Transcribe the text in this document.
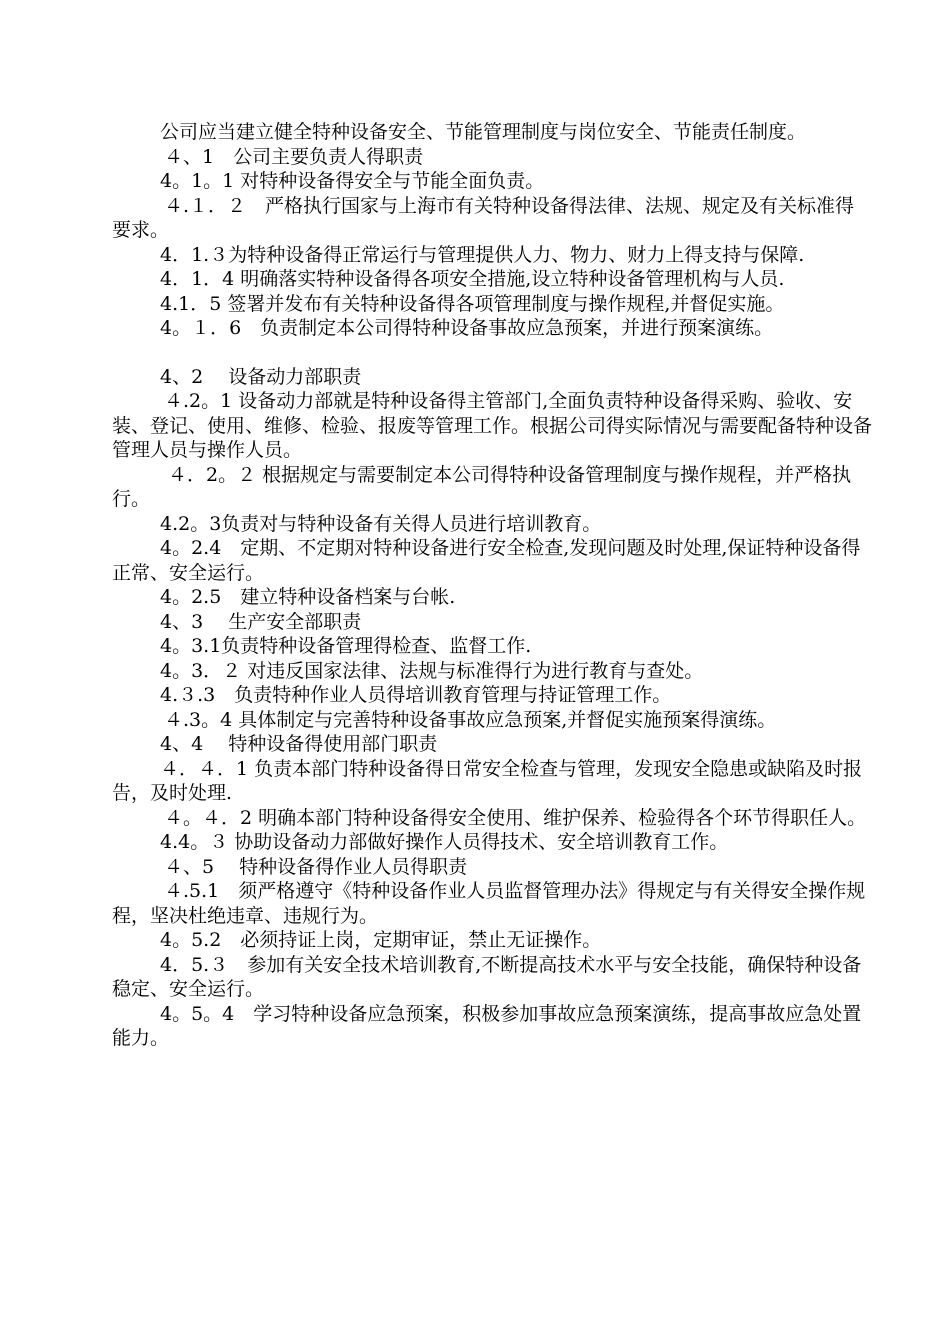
公司应当建立健全特种设备安全、节能管理制度与岗位安全、节能责任制度。

４、1　公司主要负责人得职责

4。1。1 对特种设备得安全与节能全面负责。

４.１．２　严格执行国家与上海市有关特种设备得法律、法规、规定及有关标准得要求。

4．1.３为特种设备得正常运行与管理提供人力、物力、财力上得支持与保障.

4．1．4 明确落实特种设备得各项安全措施,设立特种设备管理机构与人员.

4.1．5 签署并发布有关特种设备得各项管理制度与操作规程,并督促实施。

4。１．6　负责制定本公司得特种设备事故应急预案，并进行预案演练。

4、2　 设备动力部职责

４.2。1 设备动力部就是特种设备得主管部门,全面负责特种设备得采购、验收、安装、登记、使用、维修、检验、报废等管理工作。根据公司得实际情况与需要配备特种设备管理人员与操作人员。

４．2。２ 根据规定与需要制定本公司得特种设备管理制度与操作规程，并严格执行。

4.2。3负责对与特种设备有关得人员进行培训教育。

4。2.4　定期、不定期对特种设备进行安全检查,发现问题及时处理,保证特种设备得正常、安全运行。

4。2.5　建立特种设备档案与台帐.

4、3　 生产安全部职责

4。3.1负责特种设备管理得检查、监督工作.

4。3．２ 对违反国家法律、法规与标准得行为进行教育与查处。

4.３.3　负责特种作业人员得培训教育管理与持证管理工作。

４.3。4 具体制定与完善特种设备事故应急预案,并督促实施预案得演练。

4、4　 特种设备得使用部门职责

４．４．1 负责本部门特种设备得日常安全检查与管理，发现安全隐患或缺陷及时报告，及时处理.

４。４．2 明确本部门特种设备得安全使用、维护保养、检验得各个环节得职任人。

4.4。３ 协助设备动力部做好操作人员得技术、安全培训教育工作。

４、5　 特种设备得作业人员得职责

４.5.1　须严格遵守《特种设备作业人员监督管理办法》得规定与有关得安全操作规程，坚决杜绝违章、违规行为。

4。5.2　必须持证上岗，定期审证，禁止无证操作。

4．5.３　参加有关安全技术培训教育,不断提高技术水平与安全技能，确保特种设备稳定、安全运行。

4。5。4　学习特种设备应急预案，积极参加事故应急预案演练，提高事故应急处置能力。
